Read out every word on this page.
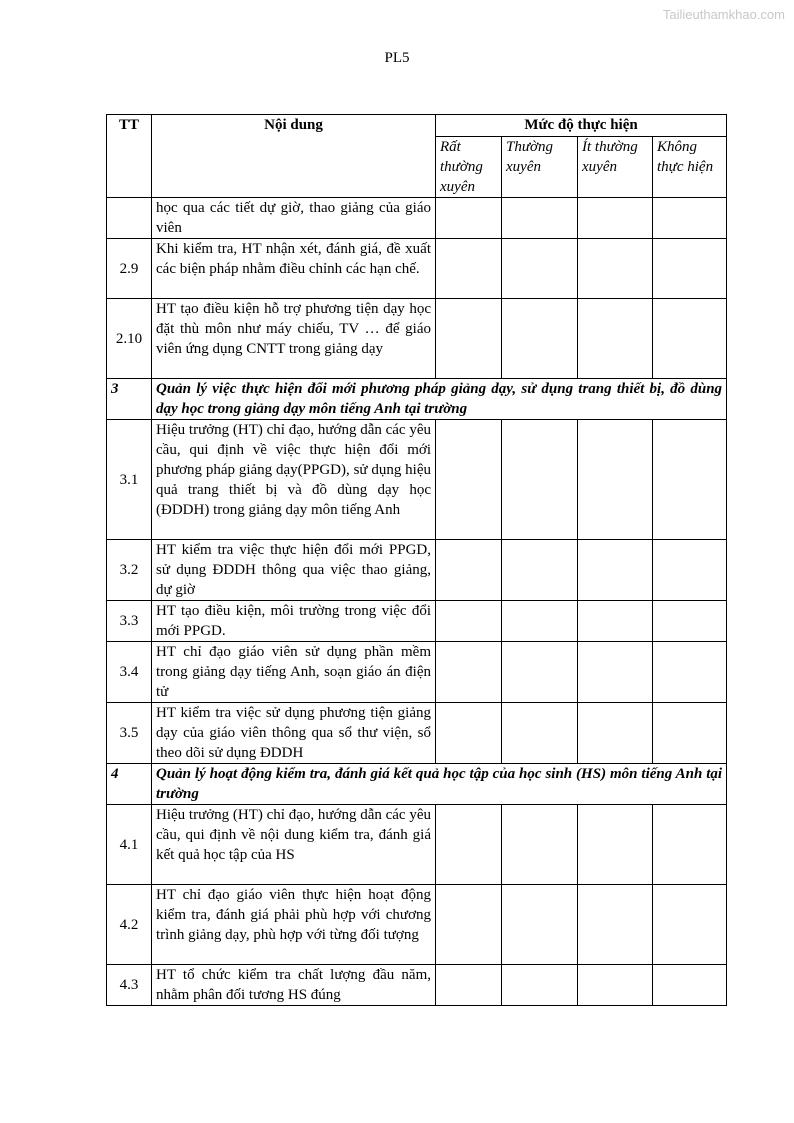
Tailieuthamkhao.com
PL5
TT	Nội dung	Mức độ thực hiện			
		Rất thường xuyên	Thường xuyên	Ít thường xuyên	Không thực hiện
	học qua các tiết dự giờ, thao giảng của giáo viên				
2.9	Khi kiểm tra, HT nhận xét, đánh giá, đề xuất các biện pháp nhằm điều chỉnh các hạn chế.				
2.10	HT tạo điều kiện hỗ trợ phương tiện dạy học đặt thù môn như máy chiếu, TV … để giáo viên ứng dụng CNTT trong giảng dạy				
3	Quản lý việc thực hiện đổi mới phương pháp giảng dạy, sử dụng trang thiết bị, đồ dùng dạy học trong giảng dạy môn tiếng Anh tại trường				
3.1	Hiệu trưởng (HT) chỉ đạo, hướng dẫn các yêu cầu, qui định về việc thực hiện đổi mới phương pháp giảng dạy(PPGD), sử dụng hiệu quả trang thiết bị và đồ dùng dạy học (ĐDDH) trong giảng dạy môn tiếng Anh				
3.2	HT kiểm tra việc thực hiện đổi mới PPGD, sử dụng ĐDDH thông qua việc thao giảng, dự giờ				
3.3	HT tạo điều kiện, môi trường trong việc đổi mới PPGD.				
3.4	HT chỉ đạo giáo viên sử dụng phần mềm trong giảng dạy tiếng Anh, soạn giáo án điện tử				
3.5	HT kiểm tra việc sử dụng phương tiện giảng dạy của giáo viên thông qua sổ thư viện, sổ theo dõi sử dụng ĐDDH				
4	Quản lý hoạt động kiểm tra, đánh giá kết quả học tập của học sinh (HS) môn tiếng Anh tại trường				
4.1	Hiệu trưởng (HT) chỉ đạo, hướng dẫn các yêu cầu, qui định về nội dung kiểm tra, đánh giá kết quả học tập của HS				
4.2	HT chỉ đạo giáo viên thực hiện hoạt động kiểm tra, đánh giá phải phù hợp với chương trình giảng dạy, phù hợp với từng đối tượng				
4.3	HT tổ chức kiểm tra chất lượng đầu năm, nhằm phân đối tương HS đúng				
